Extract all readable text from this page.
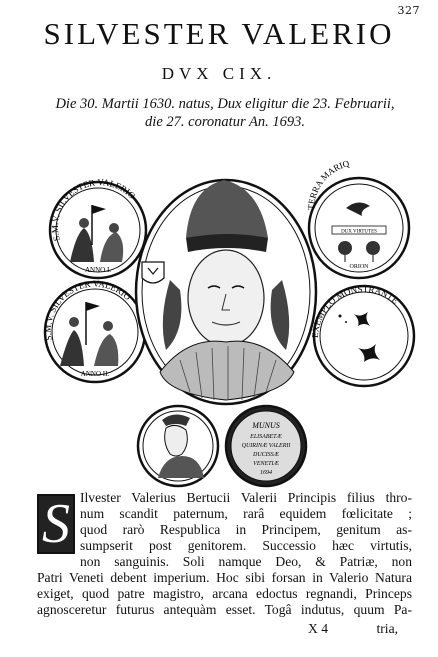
327
SILVESTER VALERIO
DVX CIX.
Die 30. Martii 1630. natus, Dux eligitur die 23. Februarii,
die 27. coronatur An. 1693.
S.M.V. SILVESTER VALERIO
ANNO I.
S.M.V. SILVESTER VALERIO
ANNO II.
TERRA MARIQ
DUX VIRTUTES
ORION
EXEMPLO MONSTRANTE
MUNUS
ELISABETÆ
QUIRINÆ VALERII
DUCISSÆ
VENETIÆ
1694
S Ilvester Valerius Bertucii Valerii Principis filius thro-
num scandit paternum, rarâ equidem fœlicitate ;
quod rarò Respublica in Principem, genitum as-
sumpserit post genitorem. Successio hæc virtutis,
non sanguinis. Soli namque Deo, & Patriæ, non
Patri Veneti debent imperium. Hoc sibi forsan in Valerio Natura
exiget, quod patre magistro, arcana edoctus regnandi, Princeps
agnosceretur futurus antequàm esset. Togâ indutus, quum Pa-
X 4	tria,
